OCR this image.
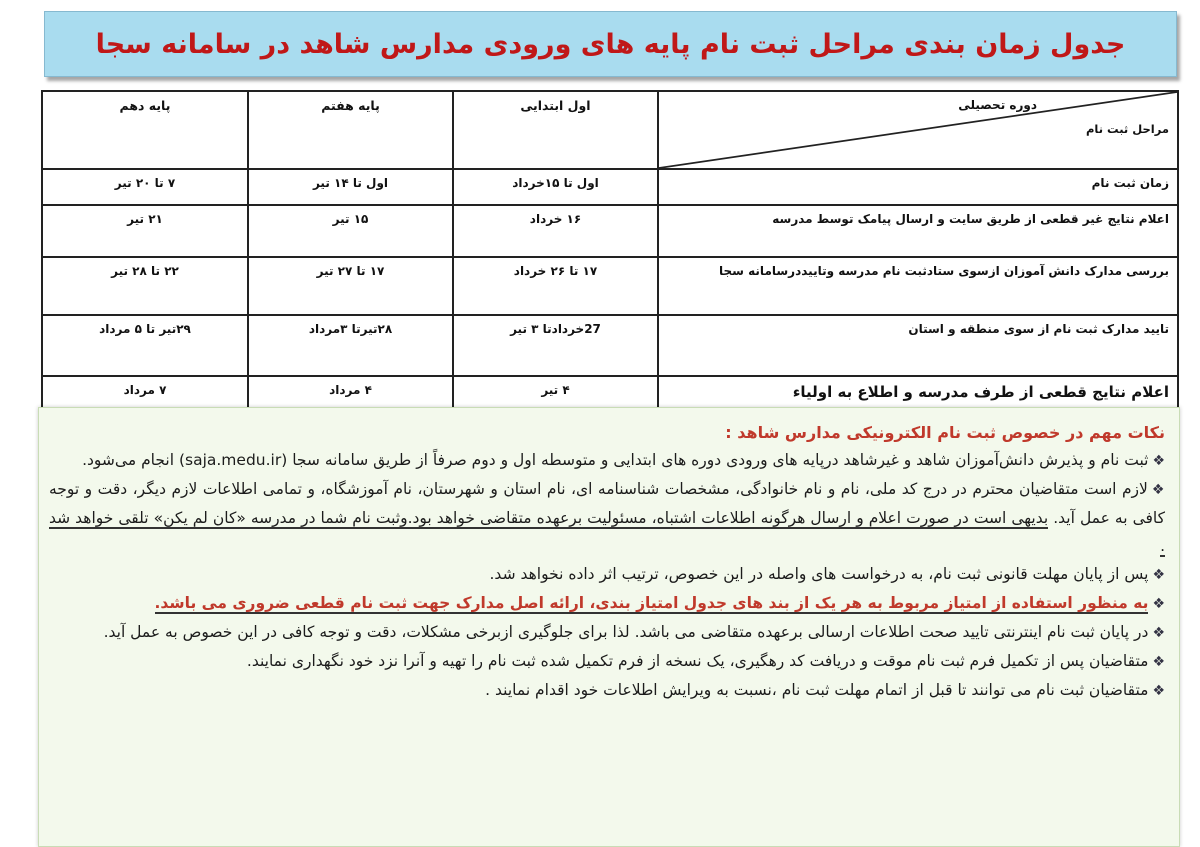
جدول زمان بندی مراحل ثبت نام پایه های ورودی مدارس شاهد در سامانه سجا
دوره تحصیلی
مراحل ثبت نام	اول ابتدایی	پایه هفتم	پایه دهم
زمان ثبت نام	اول تا ۱۵خرداد	اول تا ۱۴ تیر	۷ تا ۲۰ تیر
اعلام نتایج غیر قطعی از طریق سایت و ارسال پیامک توسط مدرسه	۱۶ خرداد	۱۵ تیر	۲۱ تیر
بررسی مدارک دانش آموزان ازسوی ستادثبت نام مدرسه وتاییددرسامانه سجا	۱۷ تا ۲۶ خرداد	۱۷ تا ۲۷ تیر	۲۲ تا ۲۸ تیر
تایید مدارک ثبت نام از سوی منطقه و استان	27خردادتا ۳ تیر	۲۸تیرتا ۳مرداد	۲۹تیر تا ۵ مرداد
اعلام نتایج قطعی از طرف مدرسه و اطلاع به اولیاء	۴ تیر	۴ مرداد	۷ مرداد

نکات مهم در خصوص ثبت نام الکترونیکی مدارس شاهد :

❖ثبت نام و پذیرش دانش‌آموزان شاهد و غیرشاهد درپایه های ورودی دوره های ابتدایی و متوسطه اول و دوم صرفاً از طریق سامانه سجا (saja.medu.ir) انجام می‌شود.

❖لازم است متقاضیان محترم در درج کد ملی، نام و نام خانوادگی، مشخصات شناسنامه ای، نام استان و شهرستان، نام آموزشگاه، و تمامی اطلاعات لازم دیگر، دقت و توجه کافی به عمل آید. بدیهی است در صورت اعلام و ارسال هرگونه اطلاعات اشتباه، مسئولیت برعهده متقاضی خواهد بود.وثبت نام شما در مدرسه «کان لم یکن» تلقی خواهد شد .

❖پس از پایان مهلت قانونی ثبت نام، به درخواست های واصله در این خصوص، ترتیب اثر داده نخواهد شد.

❖به منظور استفاده از امتیاز مربوط به هر یک از بند های جدول امتیاز بندی، ارائه اصل مدارک جهت ثبت نام قطعی ضروری می باشد.

❖در پایان ثبت نام اینترنتی تایید صحت اطلاعات ارسالی برعهده متقاضی می باشد. لذا برای جلوگیری ازبرخی مشکلات، دقت و توجه کافی در این خصوص به عمل آید.

❖متقاضیان پس از تکمیل فرم ثبت نام موقت و دریافت کد رهگیری، یک نسخه از فرم تکمیل شده ثبت نام را تهیه و آنرا نزد خود نگهداری نمایند.

❖متقاضیان ثبت نام می توانند تا قبل از اتمام مهلت ثبت نام ،نسبت به ویرایش اطلاعات خود اقدام نمایند .
